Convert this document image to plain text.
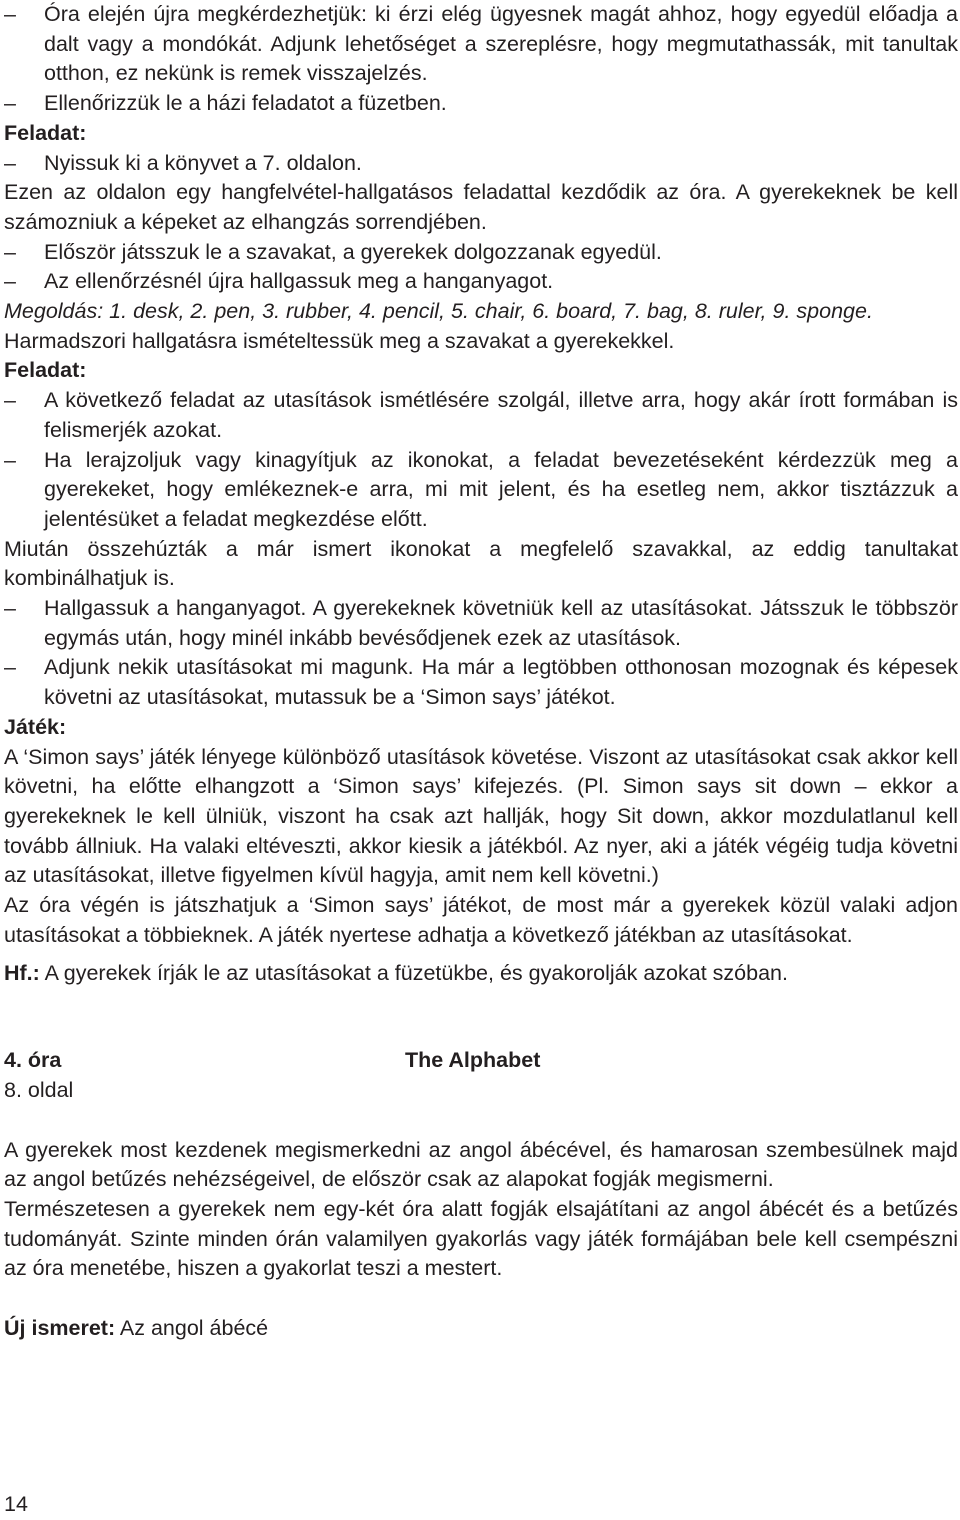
– Óra elején újra megkérdezhetjük: ki érzi elég ügyesnek magát ahhoz, hogy egyedül előadja a dalt vagy a mondókát. Adjunk lehetőséget a szereplésre, hogy megmutathassák, mit tanultak otthon, ez nekünk is remek visszajelzés.

– Ellenőrizzük le a házi feladatot a füzetben.

Feladat:

– Nyissuk ki a könyvet a 7. oldalon.

Ezen az oldalon egy hangfelvétel-hallgatásos feladattal kezdődik az óra. A gyerekeknek be kell számozniuk a képeket az elhangzás sorrendjében.

– Először játsszuk le a szavakat, a gyerekek dolgozzanak egyedül.

– Az ellenőrzésnél újra hallgassuk meg a hanganyagot.

Megoldás: 1. desk, 2. pen, 3. rubber, 4. pencil, 5. chair, 6. board, 7. bag, 8. ruler, 9. sponge.

Harmadszori hallgatásra ismételtessük meg a szavakat a gyerekekkel.

Feladat:

– A következő feladat az utasítások ismétlésére szolgál, illetve arra, hogy akár írott formában is felismerjék azokat.

– Ha lerajzoljuk vagy kinagyítjuk az ikonokat, a feladat bevezetéseként kérdezzük meg a gyerekeket, hogy emlékeznek-e arra, mi mit jelent, és ha esetleg nem, akkor tisztázzuk a jelentésüket a feladat megkezdése előtt.

Miután összehúzták a már ismert ikonokat a megfelelő szavakkal, az eddig tanultakat kombinálhatjuk is.

– Hallgassuk a hanganyagot. A gyerekeknek követniük kell az utasításokat. Játsszuk le többször egymás után, hogy minél inkább bevésődjenek ezek az utasítások.

– Adjunk nekik utasításokat mi magunk. Ha már a legtöbben otthonosan mozognak és képesek követni az utasításokat, mutassuk be a ‘Simon says’ játékot.

Játék:

A ‘Simon says’ játék lényege különböző utasítások követése. Viszont az utasításokat csak akkor kell követni, ha előtte elhangzott a ‘Simon says’ kifejezés. (Pl. Simon says sit down – ekkor a gyerekeknek le kell ülniük, viszont ha csak azt hallják, hogy Sit down, akkor mozdulatlanul kell tovább állniuk. Ha valaki eltéveszti, akkor kiesik a játékból. Az nyer, aki a játék végéig tudja követni az utasításokat, illetve figyelmen kívül hagyja, amit nem kell követni.)

Az óra végén is játszhatjuk a ‘Simon says’ játékot, de most már a gyerekek közül valaki adjon utasításokat a többieknek. A játék nyertese adhatja a következő játékban az utasításokat.

Hf.: A gyerekek írják le az utasításokat a füzetükbe, és gyakorolják azokat szóban.

4. óra	The Alphabet

8. oldal

A gyerekek most kezdenek megismerkedni az angol ábécével, és hamarosan szembesülnek majd az angol betűzés nehézségeivel, de először csak az alapokat fogják megismerni.

Természetesen a gyerekek nem egy-két óra alatt fogják elsajátítani az angol ábécét és a betűzés tudományát. Szinte minden órán valamilyen gyakorlás vagy játék formájában bele kell csempészni az óra menetébe, hiszen a gyakorlat teszi a mestert.

Új ismeret: Az angol ábécé

14
